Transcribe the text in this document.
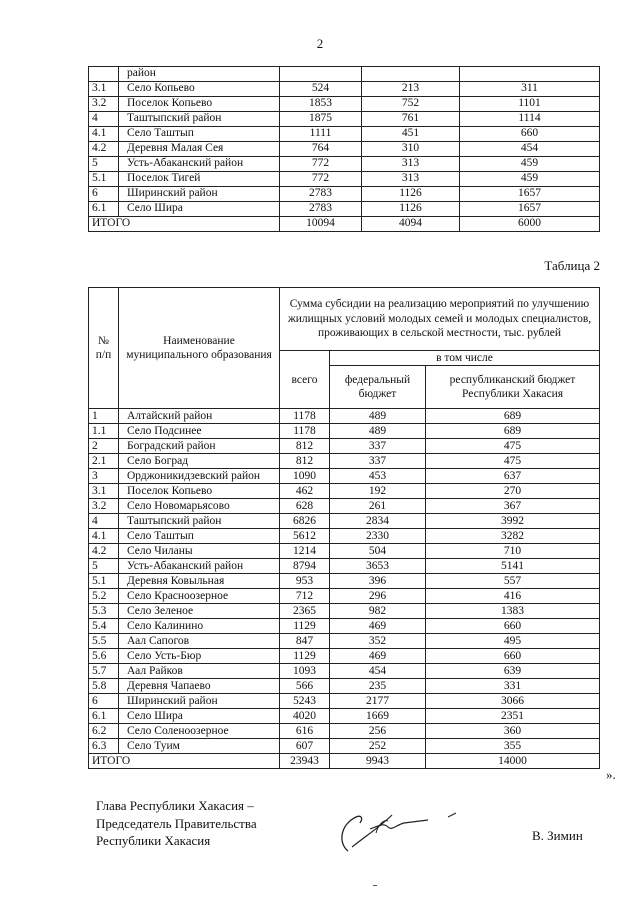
2
	район			
3.1	Село Копьево	524	213	311
3.2	Поселок Копьево	1853	752	1101
4	Таштыпский район	1875	761	1114
4.1	Село Таштып	1111	451	660
4.2	Деревня Малая Сея	764	310	454
5	Усть-Абаканский район	772	313	459
5.1	Поселок Тигей	772	313	459
6	Ширинский район	2783	1126	1657
6.1	Село Шира	2783	1126	1657
ИТОГО		10094	4094	6000
Таблица 2
№ п/п	Наименование муниципального образования	Сумма субсидии на реализацию мероприятий по улучшению жилищных условий молодых семей и молодых специалистов, проживающих в сельской местности, тыс. рублей		
		всего	в том числе	
			федеральный бюджет	республиканский бюджет Республики Хакасия
1	Алтайский район	1178	489	689
1.1	Село Подсинее	1178	489	689
2	Боградский район	812	337	475
2.1	Село Боград	812	337	475
3	Орджоникидзевский район	1090	453	637
3.1	Поселок Копьево	462	192	270
3.2	Село Новомарьясово	628	261	367
4	Таштыпский район	6826	2834	3992
4.1	Село Таштып	5612	2330	3282
4.2	Село Чиланы	1214	504	710
5	Усть-Абаканский район	8794	3653	5141
5.1	Деревня Ковыльная	953	396	557
5.2	Село Красноозерное	712	296	416
5.3	Село Зеленое	2365	982	1383
5.4	Село Калинино	1129	469	660
5.5	Аал Сапогов	847	352	495
5.6	Село Усть-Бюр	1129	469	660
5.7	Аал Райков	1093	454	639
5.8	Деревня Чапаево	566	235	331
6	Ширинский район	5243	2177	3066
6.1	Село Шира	4020	1669	2351
6.2	Село Соленоозерное	616	256	360
6.3	Село Туим	607	252	355
ИТОГО		23943	9943	14000
».
Глава Республики Хакасия –
Председатель Правительства
Республики Хакасия	В. Зимин
